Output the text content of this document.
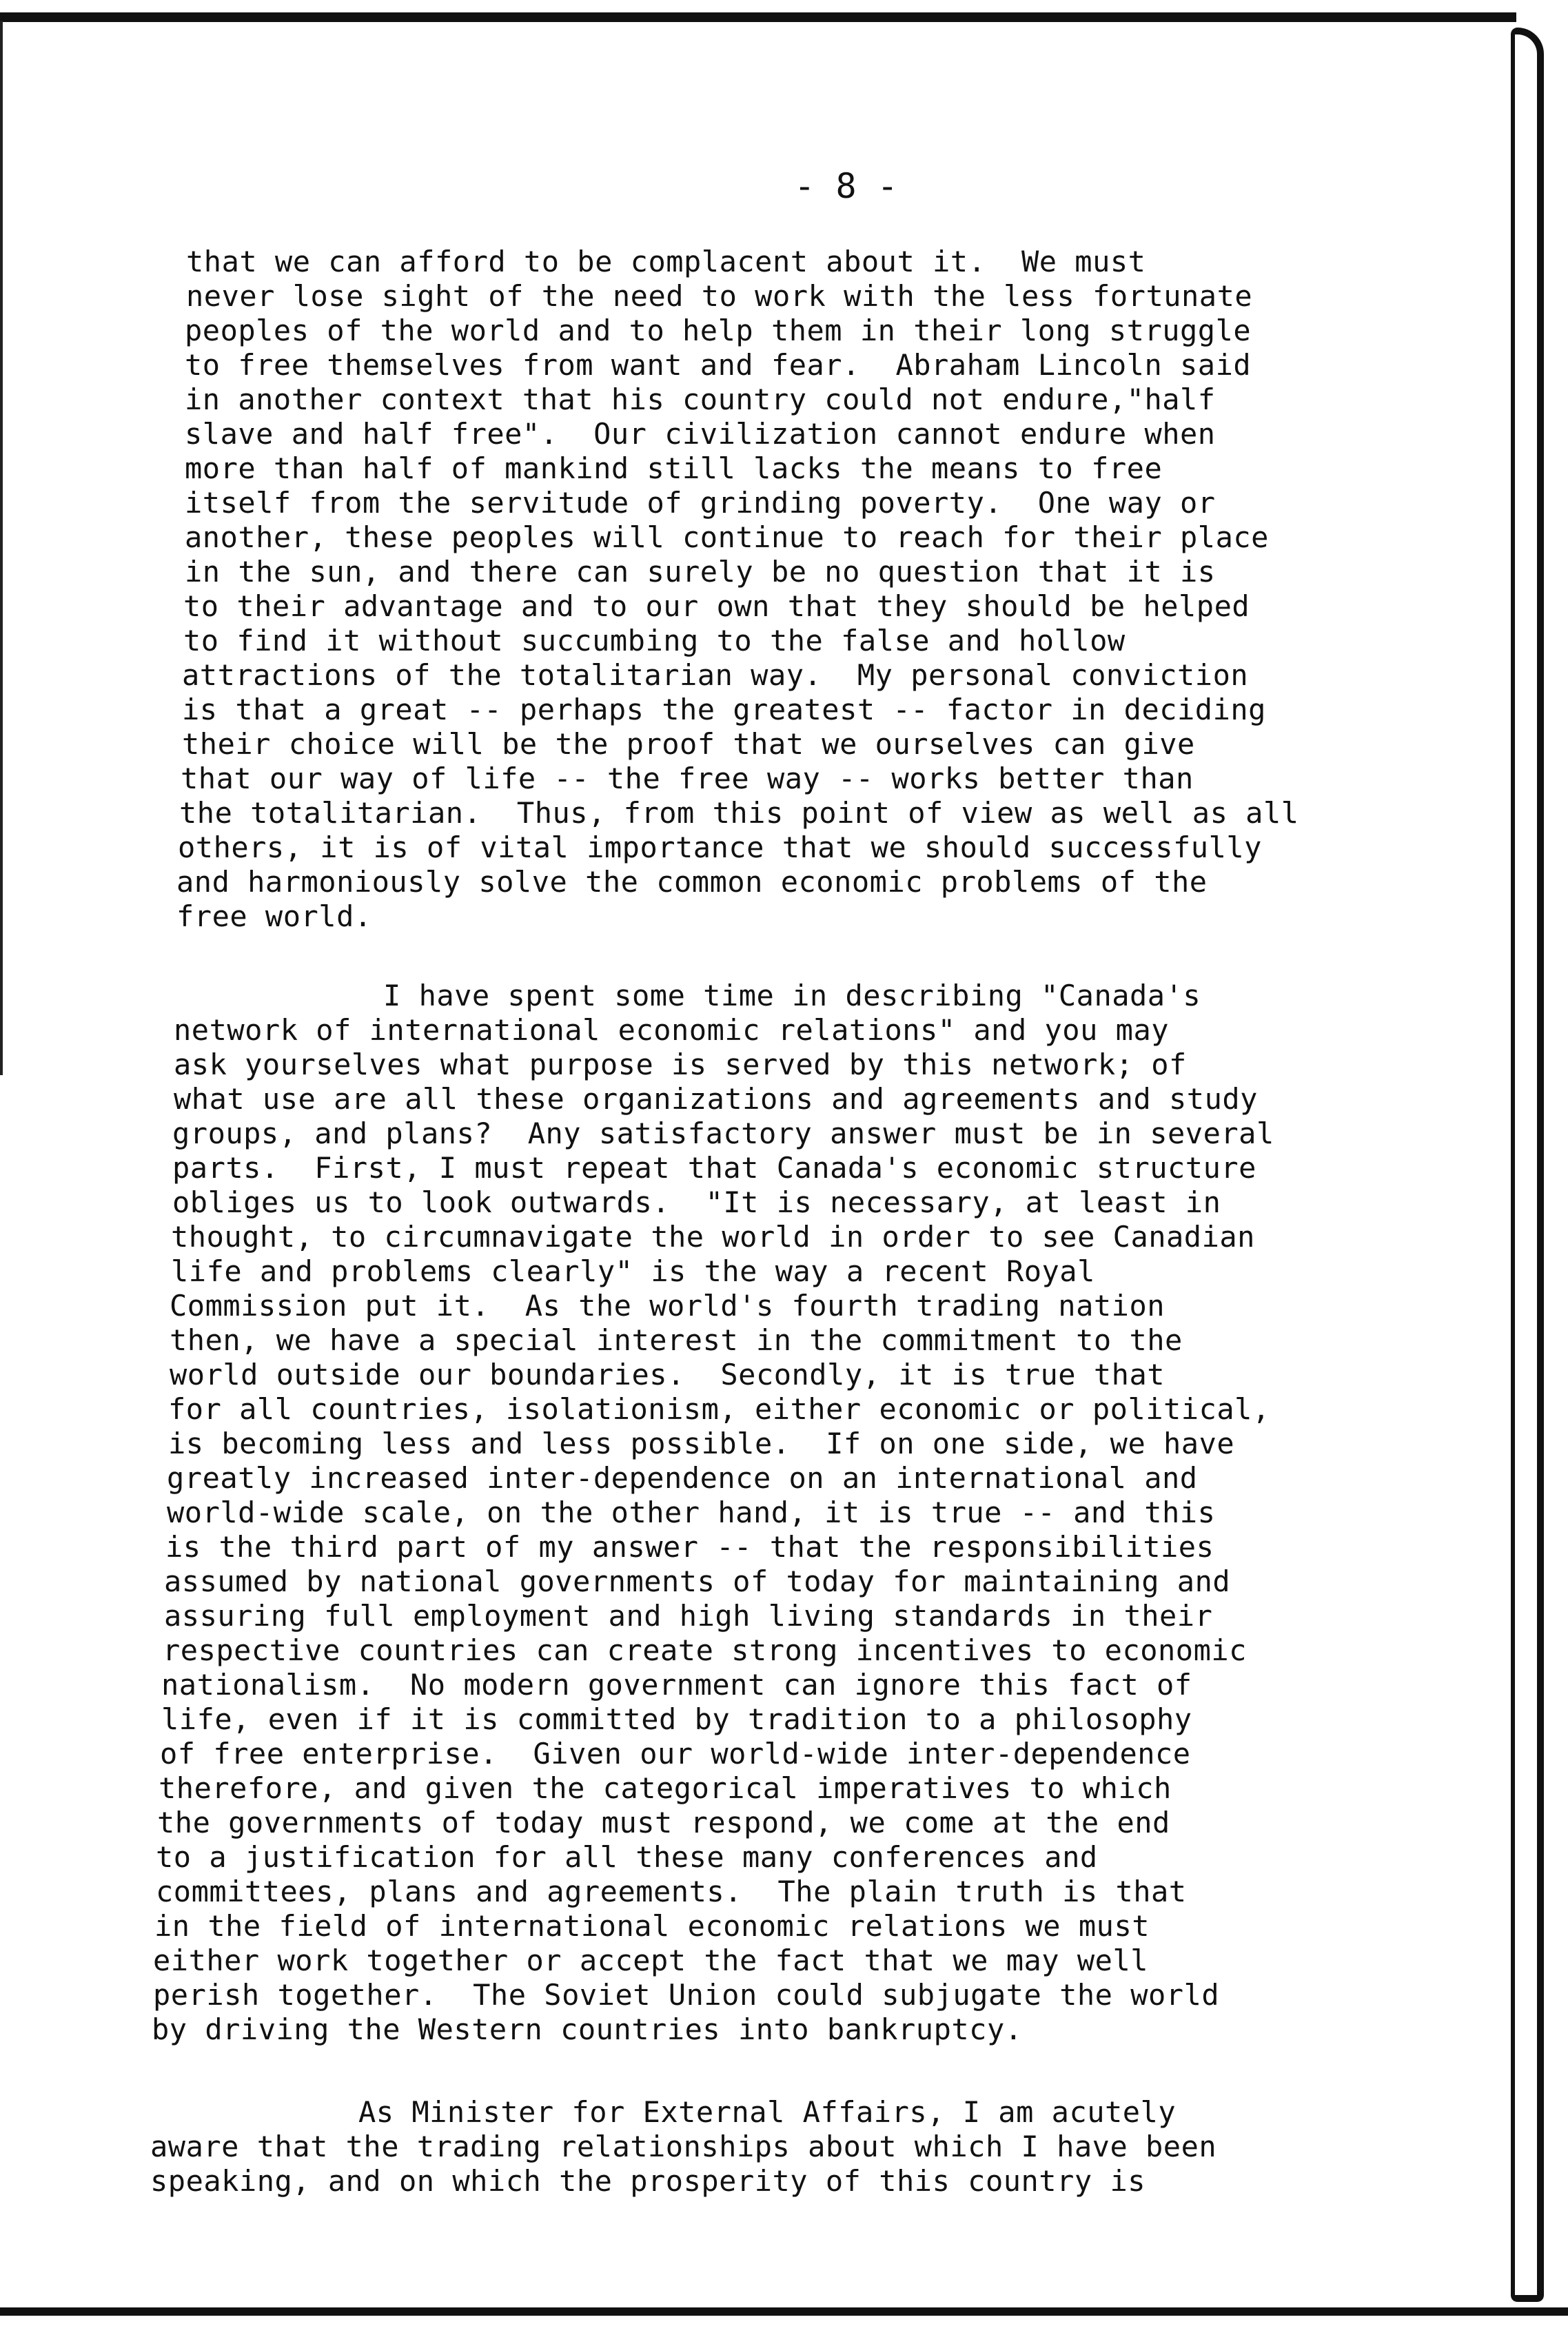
- 8 -
that we can afford to be complacent about it.  We must
never lose sight of the need to work with the less fortunate
peoples of the world and to help them in their long struggle
to free themselves from want and fear.  Abraham Lincoln said
in another context that his country could not endure,"half
slave and half free".  Our civilization cannot endure when
more than half of mankind still lacks the means to free
itself from the servitude of grinding poverty.  One way or
another, these peoples will continue to reach for their place
in the sun, and there can surely be no question that it is
to their advantage and to our own that they should be helped
to find it without succumbing to the false and hollow
attractions of the totalitarian way.  My personal conviction
is that a great -- perhaps the greatest -- factor in deciding
their choice will be the proof that we ourselves can give
that our way of life -- the free way -- works better than
the totalitarian.  Thus, from this point of view as well as all
others, it is of vital importance that we should successfully
and harmoniously solve the common economic problems of the
free world.
I have spent some time in describing "Canada's
network of international economic relations" and you may
ask yourselves what purpose is served by this network; of
what use are all these organizations and agreements and study
groups, and plans?  Any satisfactory answer must be in several
parts.  First, I must repeat that Canada's economic structure
obliges us to look outwards.  "It is necessary, at least in
thought, to circumnavigate the world in order to see Canadian
life and problems clearly" is the way a recent Royal
Commission put it.  As the world's fourth trading nation
then, we have a special interest in the commitment to the
world outside our boundaries.  Secondly, it is true that
for all countries, isolationism, either economic or political,
is becoming less and less possible.  If on one side, we have
greatly increased inter-dependence on an international and
world-wide scale, on the other hand, it is true -- and this
is the third part of my answer -- that the responsibilities
assumed by national governments of today for maintaining and
assuring full employment and high living standards in their
respective countries can create strong incentives to economic
nationalism.  No modern government can ignore this fact of
life, even if it is committed by tradition to a philosophy
of free enterprise.  Given our world-wide inter-dependence
therefore, and given the categorical imperatives to which
the governments of today must respond, we come at the end
to a justification for all these many conferences and
committees, plans and agreements.  The plain truth is that
in the field of international economic relations we must
either work together or accept the fact that we may well
perish together.  The Soviet Union could subjugate the world
by driving the Western countries into bankruptcy.
As Minister for External Affairs, I am acutely
aware that the trading relationships about which I have been
speaking, and on which the prosperity of this country is
